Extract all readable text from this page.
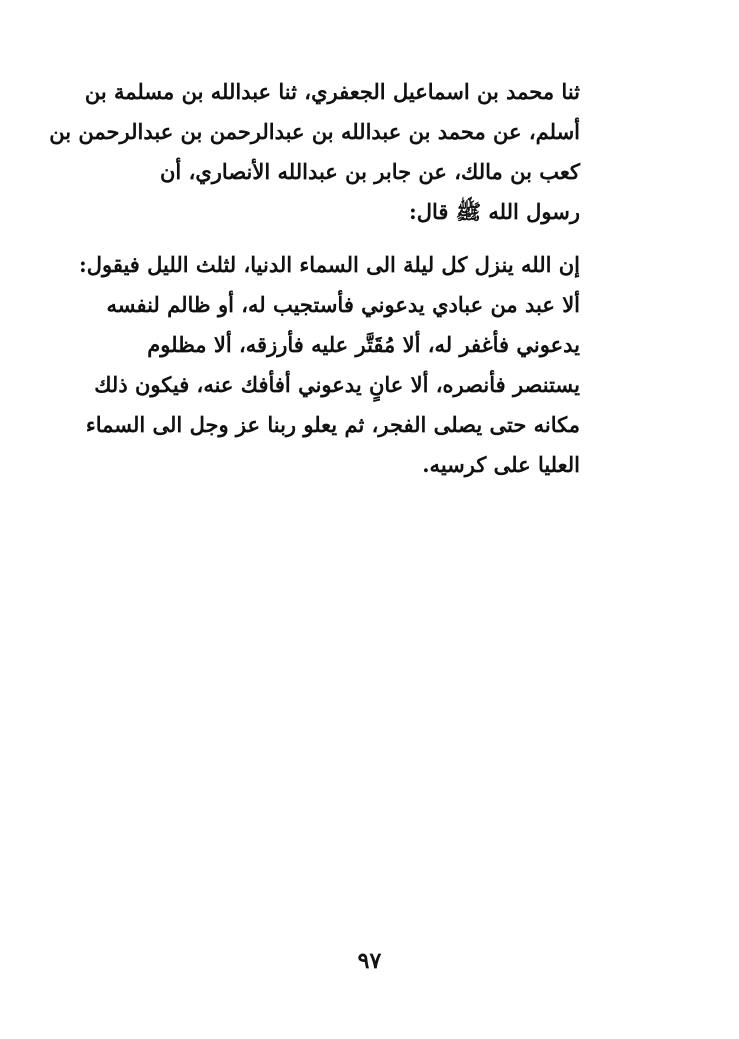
ثنا محمد بن اسماعيل الجعفري، ثنا عبدالله بن مسلمة بن
أسلم، عن محمد بن عبدالله بن عبدالرحمن بن عبدالرحمن بن
كعب بن مالك، عن جابر بن عبدالله الأنصاري، أن
رسول الله ﷺ قال:
إن الله ينزل كل ليلة الى السماء الدنيا، لثلث الليل فيقول:
ألا عبد من عبادي يدعوني فأستجيب له، أو ظالم لنفسه
يدعوني فأغفر له، ألا مُقَتَّر عليه فأرزقه، ألا مظلوم
يستنصر فأنصره، ألا عانٍ يدعوني أفأفك عنه، فيكون ذلك
مكانه حتى يصلى الفجر، ثم يعلو ربنا عز وجل الى السماء
العليا على كرسيه.
٩٧
